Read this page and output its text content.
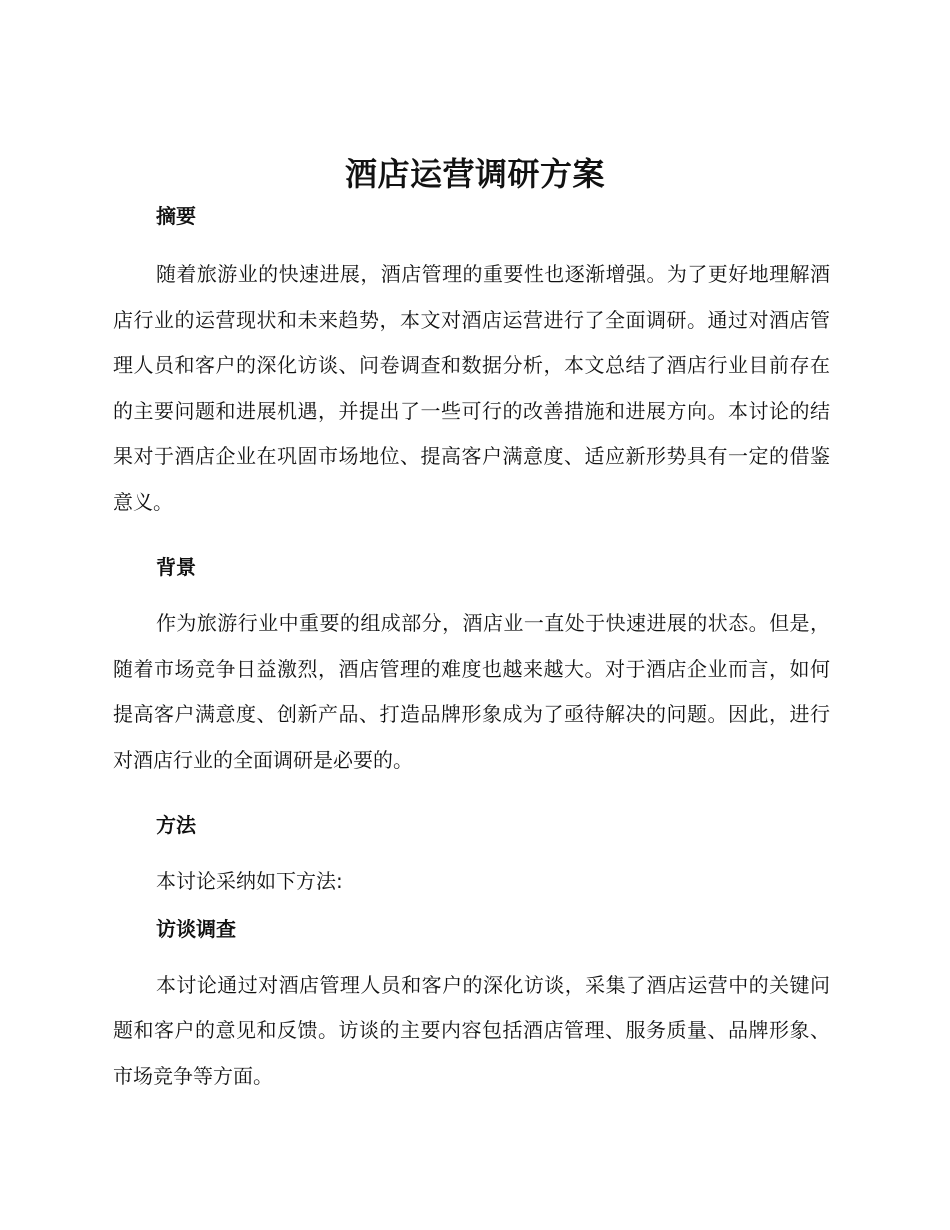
酒店运营调研方案
摘要

随着旅游业的快速进展，酒店管理的重要性也逐渐增强。为了更好地理解酒店行业的运营现状和未来趋势，本文对酒店运营进行了全面调研。通过对酒店管理人员和客户的深化访谈、问卷调查和数据分析，本文总结了酒店行业目前存在的主要问题和进展机遇，并提出了一些可行的改善措施和进展方向。本讨论的结果对于酒店企业在巩固市场地位、提高客户满意度、适应新形势具有一定的借鉴意义。

背景

作为旅游行业中重要的组成部分，酒店业一直处于快速进展的状态。但是，随着市场竞争日益激烈，酒店管理的难度也越来越大。对于酒店企业而言，如何提高客户满意度、创新产品、打造品牌形象成为了亟待解决的问题。因此，进行对酒店行业的全面调研是必要的。

方法

本讨论采纳如下方法:

访谈调查

本讨论通过对酒店管理人员和客户的深化访谈，采集了酒店运营中的关键问题和客户的意见和反馈。访谈的主要内容包括酒店管理、服务质量、品牌形象、市场竞争等方面。
